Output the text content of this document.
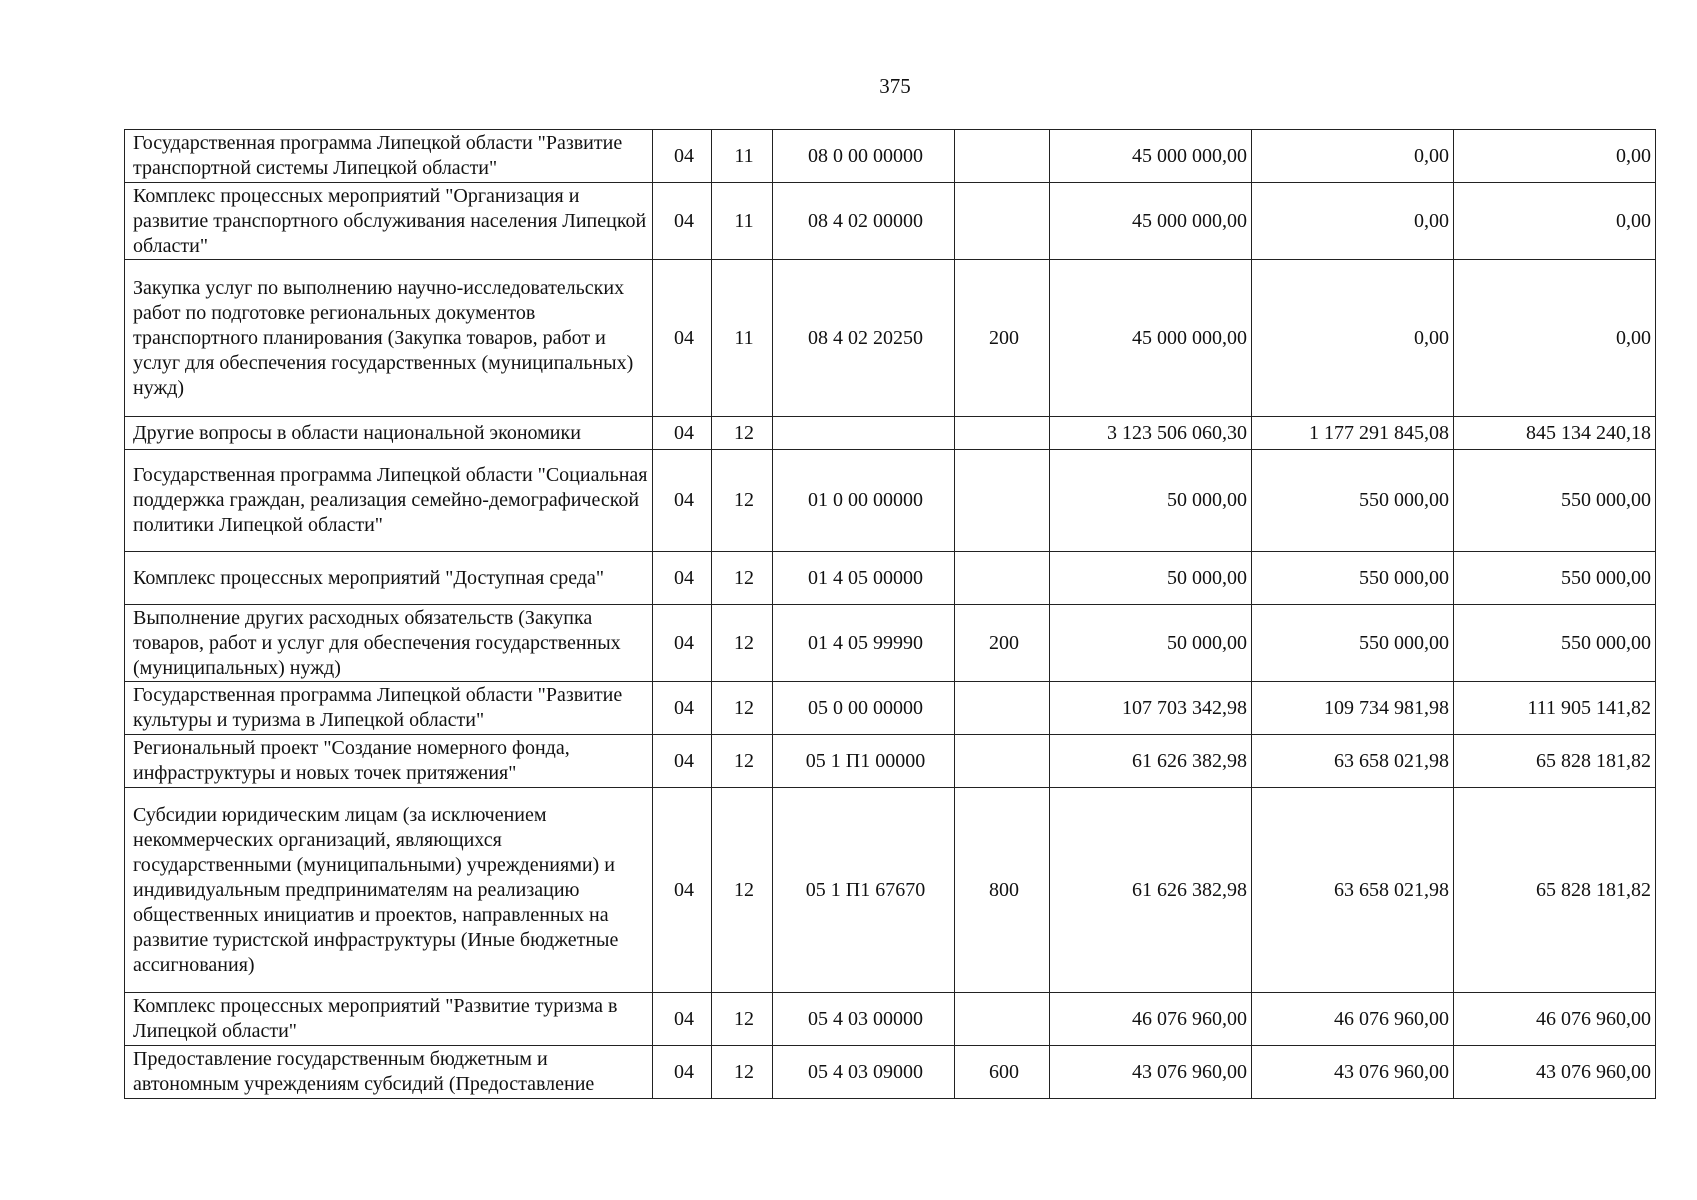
375
Государственная программа Липецкой области "Развитие транспортной системы Липецкой области"	04	11	08 0 00 00000		45 000 000,00	0,00	0,00
Комплекс процессных мероприятий "Организация и развитие транспортного обслуживания населения Липецкой области"	04	11	08 4 02 00000		45 000 000,00	0,00	0,00
Закупка услуг по выполнению научно-исследовательских работ по подготовке региональных документов транспортного планирования (Закупка товаров, работ и услуг для обеспечения государственных (муниципальных) нужд)	04	11	08 4 02 20250	200	45 000 000,00	0,00	0,00
Другие вопросы в области национальной экономики	04	12			3 123 506 060,30	1 177 291 845,08	845 134 240,18
Государственная программа Липецкой области "Социальная поддержка граждан, реализация семейно-демографической политики Липецкой области"	04	12	01 0 00 00000		50 000,00	550 000,00	550 000,00
Комплекс процессных мероприятий "Доступная среда"	04	12	01 4 05 00000		50 000,00	550 000,00	550 000,00
Выполнение других расходных обязательств (Закупка товаров, работ и услуг для обеспечения государственных (муниципальных) нужд)	04	12	01 4 05 99990	200	50 000,00	550 000,00	550 000,00
Государственная программа Липецкой области "Развитие культуры и туризма в Липецкой области"	04	12	05 0 00 00000		107 703 342,98	109 734 981,98	111 905 141,82
Региональный проект "Создание номерного фонда, инфраструктуры и новых точек притяжения"	04	12	05 1 П1 00000		61 626 382,98	63 658 021,98	65 828 181,82
Субсидии юридическим лицам (за исключением некоммерческих организаций, являющихся государственными (муниципальными) учреждениями) и индивидуальным предпринимателям на реализацию общественных инициатив и проектов, направленных на развитие туристской инфраструктуры (Иные бюджетные ассигнования)	04	12	05 1 П1 67670	800	61 626 382,98	63 658 021,98	65 828 181,82
Комплекс процессных мероприятий "Развитие туризма в Липецкой области"	04	12	05 4 03 00000		46 076 960,00	46 076 960,00	46 076 960,00
Предоставление государственным бюджетным и автономным учреждениям субсидий (Предоставление	04	12	05 4 03 09000	600	43 076 960,00	43 076 960,00	43 076 960,00
